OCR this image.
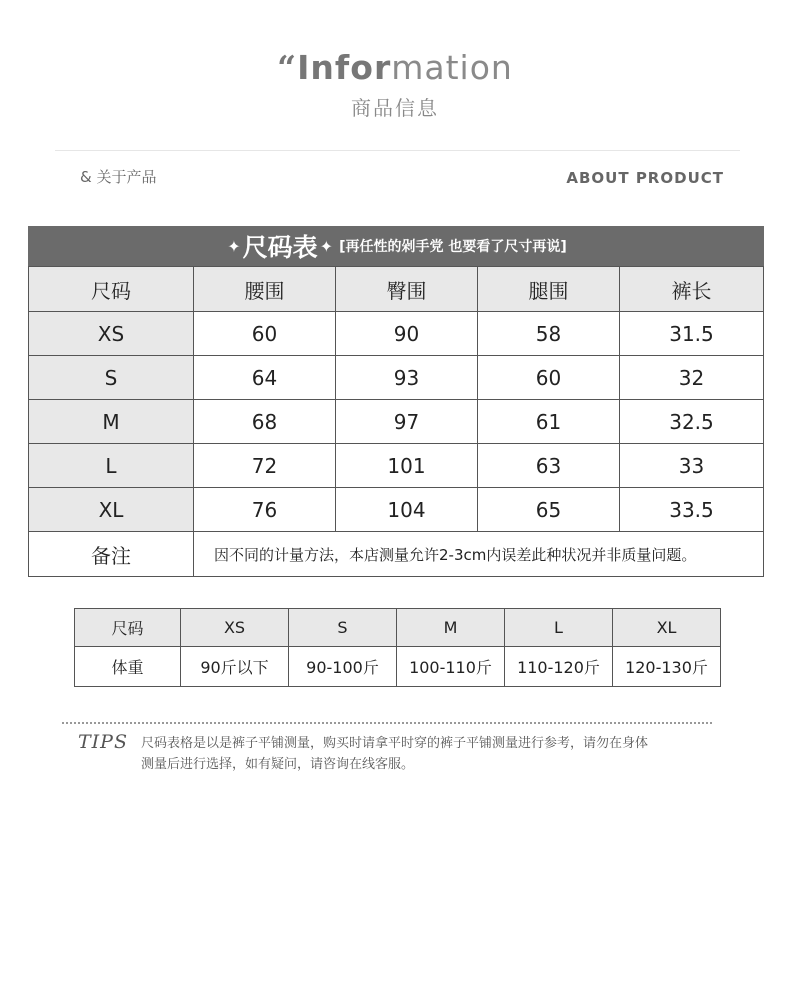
“Information
商品信息
& 关于产品	ABOUT PRODUCT
✦ 尺码表 ✦ [再任性的剁手党 也要看了尺寸再说]
尺码	腰围	臀围	腿围	裤长
XS	60	90	58	31.5
S	64	93	60	32
M	68	97	61	32.5
L	72	101	63	33
XL	76	104	65	33.5
备注	因不同的计量方法，本店测量允许2-3cm内误差此种状况并非质量问题。			
尺码	XS	S	M	L	XL
体重	90斤以下	90-100斤	100-110斤	110-120斤	120-130斤
TIPS 尺码表格是以是裤子平铺测量，购买时请拿平时穿的裤子平铺测量进行参考，请勿在身体
测量后进行选择，如有疑问，请咨询在线客服。
